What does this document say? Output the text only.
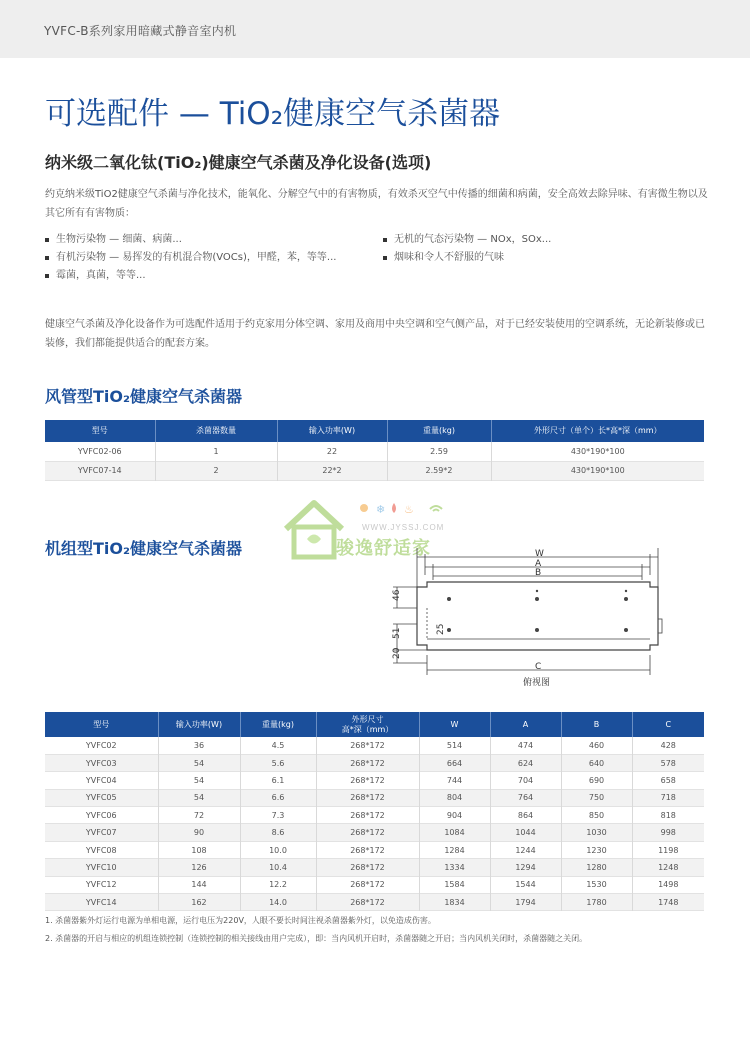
YVFC-B系列家用暗藏式静音室内机
可选配件 — TiO₂健康空气杀菌器
纳米级二氧化钛(TiO₂)健康空气杀菌及净化设备(选项)

约克纳米级TiO2健康空气杀菌与净化技术，能氧化、分解空气中的有害物质，有效杀灭空气中传播的细菌和病菌，安全高效去除异味、有害微生物以及其它所有有害物质：

生物污染物 — 细菌、病菌...
有机污染物 — 易挥发的有机混合物(VOCs)，甲醛，苯，等等...
霉菌，真菌，等等...
无机的气态污染物 — NOx，SOx...
烟味和令人不舒服的气味

健康空气杀菌及净化设备作为可选配件适用于约克家用分体空调、家用及商用中央空调和空气侧产品，对于已经安装使用的空调系统，无论新装修或已装修，我们都能提供适合的配套方案。

风管型TiO₂健康空气杀菌器
型号	杀菌器数量	输入功率(W)	重量(kg)	外形尺寸（单个）长*高*深（mm）
YVFC02-06	1	22	2.59	430*190*100
YVFC07-14	2	22*2	2.59*2	430*190*100
机组型TiO₂健康空气杀菌器
❄ ♨
WWW.JYSSJ.COM
骏逸舒适家	W
A
B
C
46
51	25
20
俯视图
型号	输入功率(W)	重量(kg)	外形尺寸
高*深（mm）	W	A	B	C
YVFC02	36	4.5	268*172	514	474	460	428
YVFC03	54	5.6	268*172	664	624	640	578
YVFC04	54	6.1	268*172	744	704	690	658
YVFC05	54	6.6	268*172	804	764	750	718
YVFC06	72	7.3	268*172	904	864	850	818
YVFC07	90	8.6	268*172	1084	1044	1030	998
YVFC08	108	10.0	268*172	1284	1244	1230	1198
YVFC10	126	10.4	268*172	1334	1294	1280	1248
YVFC12	144	12.2	268*172	1584	1544	1530	1498
YVFC14	162	14.0	268*172	1834	1794	1780	1748

1. 杀菌器紫外灯运行电源为单相电源，运行电压为220V，人眼不要长时间注视杀菌器紫外灯，以免造成伤害。

2. 杀菌器的开启与相应的机组连锁控制（连锁控制的相关接线由用户完成），即：当内风机开启时，杀菌器随之开启；当内风机关闭时，杀菌器随之关闭。
